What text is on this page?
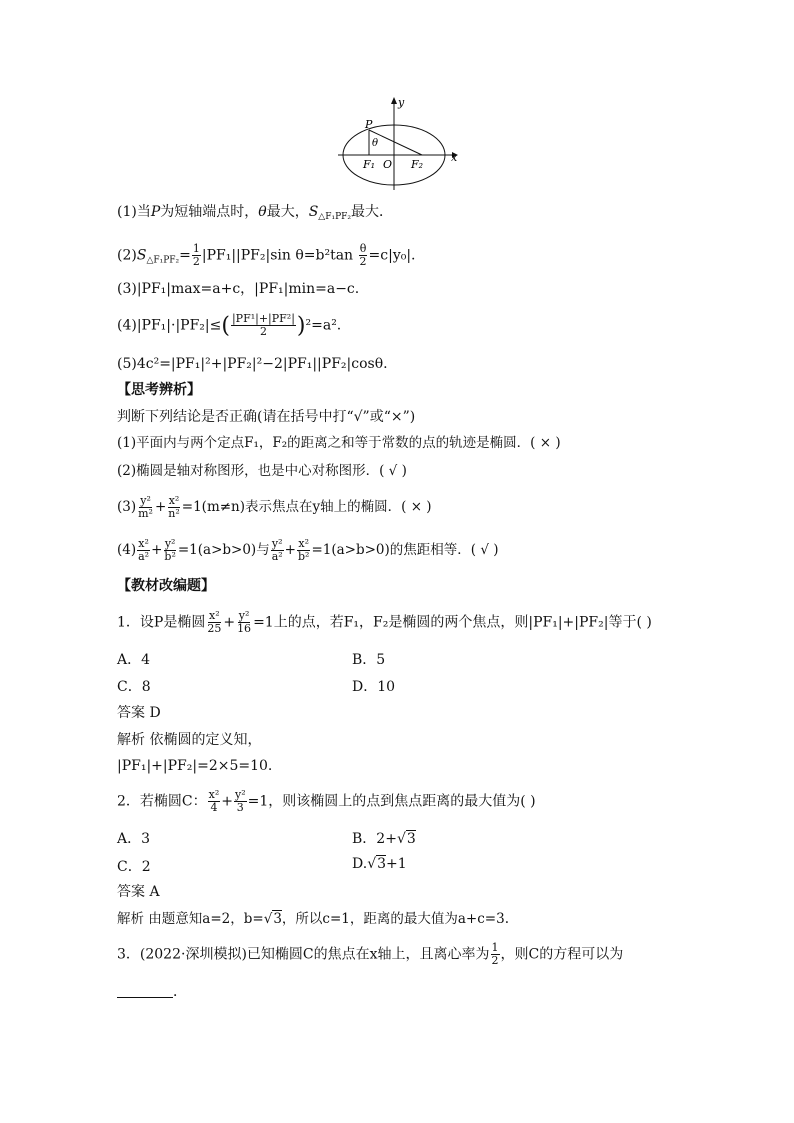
y
x
P
θ
F₁ O F₂
(1)当P为短轴端点时，θ最大，$S_{\triangle F_1PF_2}$最大．
$(2)S_{\triangle F_1PF_2}= \frac{1}{2} |PF_1||PF_2|\sin$ $\theta=b^2\tan \frac{\theta}{2} =c|y_0|$.
(3)|PF₁|max=a+c，|PF₁|min=a−c.
$(4)|PF_1|\cdot|PF_2|\le( \frac{\text{|PF¹|+|PF²|}}{2} )^2=a^2$.
(5)4c²=|PF₁|²+|PF₂|²−2|PF₁||PF₂|cosθ.
【思考辨析】
判断下列结论是否正确(请在括号中打“√”或“×”)
(1)平面内与两个定点F₁，F₂的距离之和等于常数的点的轨迹是椭圆．( × )
(2)椭圆是轴对称图形，也是中心对称图形．( √ )
$(3) \frac{\text{y²}}{\text{m²}} + \frac{\text{x²}}{\text{n²}} =1(m\ne n)$表示焦点在y轴上的椭圆．( × )
$(4) \frac{\text{x²}}{\text{a²}} + \frac{\text{y²}}{\text{b²}} =1(a>b>0)$与 $\frac{\text{y²}}{\text{a²}} + \frac{\text{x²}}{\text{b²}} =1(a>b>0)$的焦距相等．( √ )
【教材改编题】
1．设P是椭圆 $\frac{\text{x²}}{25} + \frac{\text{y²}}{16} =1$上的点，若F₁，F₂是椭圆的两个焦点，则|PF₁|+|PF₂|等于( )
A．4	B．5
C．8	D．10
答案 D
解析 依椭圆的定义知，
|PF₁|+|PF₂|=2×5=10.
2．若椭圆C： $\frac{\text{x²}}{4} + \frac{\text{y²}}{3} =1$，则该椭圆上的点到焦点距离的最大值为( )
A．3	B．2+√3
C．2	D.√3+1
答案 A
解析 由题意知a=2，b=√3，所以c=1，距离的最大值为a+c=3.
3．(2022·深圳模拟)已知椭圆C的焦点在x轴上，且离心率为 $\frac{1}{2}$ ，则C的方程可以为
．
